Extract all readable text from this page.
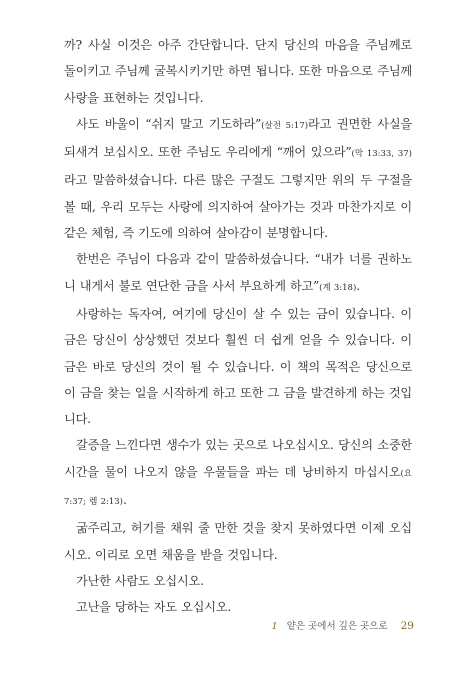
까? 사실 이것은 아주 간단합니다. 단지 당신의 마음을 주님께로 돌이키고 주님께 굴복시키기만 하면 됩니다. 또한 마음으로 주님께 사랑을 표현하는 것입니다.

사도 바울이 “쉬지 말고 기도하라”(살전 5:17)라고 권면한 사실을 되새겨 보십시오. 또한 주님도 우리에게 “깨어 있으라”(막 13:33, 37)라고 말씀하셨습니다. 다른 많은 구절도 그렇지만 위의 두 구절을 볼 때, 우리 모두는 사랑에 의지하여 살아가는 것과 마찬가지로 이 같은 체험, 즉 기도에 의하여 살아감이 분명합니다.

한번은 주님이 다음과 같이 말씀하셨습니다. “내가 너를 권하노니 내게서 불로 연단한 금을 사서 부요하게 하고”(계 3:18).

사랑하는 독자여, 여기에 당신이 살 수 있는 금이 있습니다. 이 금은 당신이 상상했던 것보다 훨씬 더 쉽게 얻을 수 있습니다. 이 금은 바로 당신의 것이 될 수 있습니다. 이 책의 목적은 당신으로 이 금을 찾는 일을 시작하게 하고 또한 그 금을 발견하게 하는 것입니다.

갈증을 느낀다면 생수가 있는 곳으로 나오십시오. 당신의 소중한 시간을 물이 나오지 않을 우물들을 파는 데 낭비하지 마십시오(요 7:37; 렘 2:13).

굶주리고, 허기를 채워 줄 만한 것을 찾지 못하였다면 이제 오십시오. 이리로 오면 채움을 받을 것입니다.

가난한 사람도 오십시오.

고난을 당하는 자도 오십시오.

1 얕은 곳에서 깊은 곳으로 29
